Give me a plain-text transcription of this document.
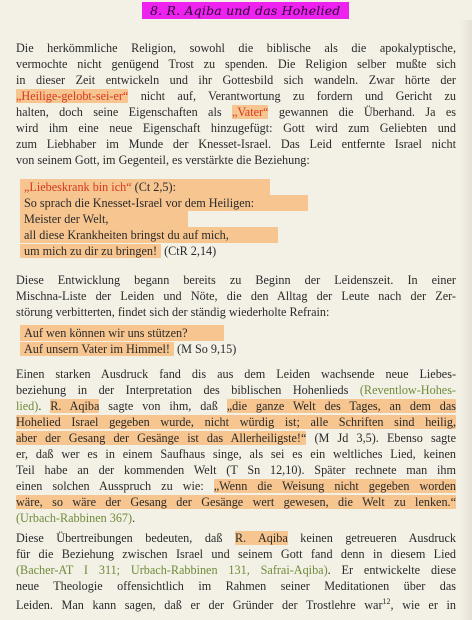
8. R. Aqiba und das Hohelied
Die herkömmliche Religion, sowohl die biblische als die apokalyptische,
vermochte nicht genügend Trost zu spenden. Die Religion selber mußte sich
in dieser Zeit entwickeln und ihr Gottesbild sich wandeln. Zwar hörte der
„Heilige-gelobt-sei-er“ nicht auf, Verantwortung zu fordern und Gericht zu
halten, doch seine Eigenschaften als „Vater“ gewannen die Überhand. Ja es
wird ihm eine neue Eigenschaft hinzugefügt: Gott wird zum Geliebten und
zum Liebhaber im Munde der Knesset-Israel. Das Leid entfernte Israel nicht
von seinem Gott, im Gegenteil, es verstärkte die Beziehung:
„Liebeskrank bin ich“ (Ct 2,5):
So sprach die Knesset-Israel vor dem Heiligen:
Meister der Welt,
all diese Krankheiten bringst du auf mich,
um mich zu dir zu bringen! (CtR 2,14)
Diese Entwicklung begann bereits zu Beginn der Leidenszeit. In einer
Mischna-Liste der Leiden und Nöte, die den Alltag der Leute nach der Zer-
störung verbitterten, findet sich der ständig wiederholte Refrain:
Auf wen können wir uns stützen?
Auf unsern Vater im Himmel! (M So 9,15)
Einen starken Ausdruck fand dis aus dem Leiden wachsende neue Liebes-
beziehung in der Interpretation des biblischen Hohenlieds (Reventlow-Hohes-
lied). R. Aqiba sagte von ihm, daß „die ganze Welt des Tages, an dem das
Hohelied Israel gegeben wurde, nicht würdig ist; alle Schriften sind heilig,
aber der Gesang der Gesänge ist das Allerheiligste!“ (M Jd 3,5). Ebenso sagte
er, daß wer es in einem Saufhaus singe, als sei es ein weltliches Lied, keinen
Teil habe an der kommenden Welt (T Sn 12,10). Später rechnete man ihm
einen solchen Ausspruch zu wie: „Wenn die Weisung nicht gegeben worden
wäre, so wäre der Gesang der Gesänge wert gewesen, die Welt zu lenken.“
(Urbach-Rabbinen 367).
Diese Übertreibungen bedeuten, daß R. Aqiba keinen getreueren Ausdruck
für die Beziehung zwischen Israel und seinem Gott fand denn in diesem Lied
(Bacher-AT I 311; Urbach-Rabbinen 131, Safrai-Aqiba). Er entwickelte diese
neue Theologie offensichtlich im Rahmen seiner Meditationen über das
Leiden. Man kann sagen, daß er der Gründer der Trostlehre war$^{12}$, wie er in
